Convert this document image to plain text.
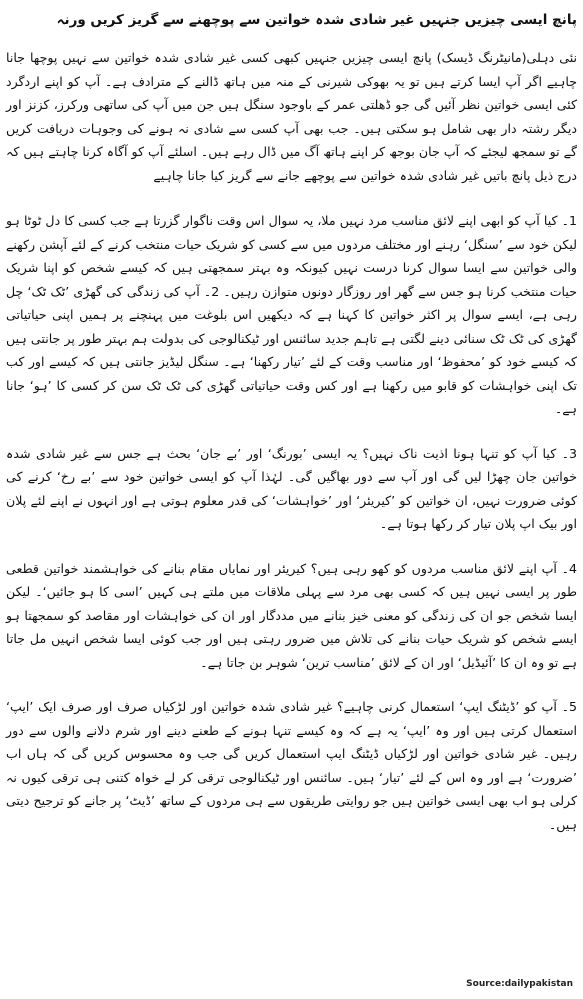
پانچ ایسی چیزیں جنہیں غیر شادی شدہ خواتین سے پوچھنے سے گریز کریں ورنہ

نئی دہلی(مانیٹرنگ ڈیسک) پانچ ایسی چیزیں جنہیں کبھی کسی غیر شادی شدہ خواتین سے نہیں پوچھا جانا چاہیے اگر آپ ایسا کرتے ہیں تو یہ بھوکی شیرنی کے منہ میں ہاتھ ڈالنے کے مترادف ہے۔ آپ کو اپنے اردگرد کئی ایسی خواتین نظر آئیں گی جو ڈھلتی عمر کے باوجود سنگل ہیں جن میں آپ کی ساتھی ورکرز، کزنز اور دیگر رشتہ دار بھی شامل ہو سکتی ہیں۔ جب بھی آپ کسی سے شادی نہ ہونے کی وجوہات دریافت کریں گے تو سمجھ لیجئے کہ آپ جان بوجھ کر اپنے ہاتھ آگ میں ڈال رہے ہیں۔ اسلئے آپ کو آگاہ کرنا چاہتے ہیں کہ درج ذیل پانچ باتیں غیر شادی شدہ خواتین سے پوچھے جانے سے گریز کیا جانا چاہیے

1۔ کیا آپ کو ابھی اپنے لائق مناسب مرد نہیں ملا، یہ سوال اس وقت ناگوار گزرتا ہے جب کسی کا دل ٹوٹا ہو لیکن خود سے ’سنگل‘ رہنے اور مختلف مردوں میں سے کسی کو شریک حیات منتخب کرنے کے لئے آپشن رکھنے والی خواتین سے ایسا سوال کرنا درست نہیں کیونکہ وہ بہتر سمجھتی ہیں کہ کیسے شخص کو اپنا شریک حیات منتخب کرنا ہو جس سے گھر اور روزگار دونوں متوازن رہیں۔ 2۔ آپ کی زندگی کی گھڑی ’ٹک ٹک‘ چل رہی ہے، ایسے سوال پر اکثر خواتین کا کہنا ہے کہ دیکھیں اس بلوغت میں پہنچنے پر ہمیں اپنی حیاتیاتی گھڑی کی ٹک ٹک سنائی دینے لگتی ہے تاہم جدید سائنس اور ٹیکنالوجی کی بدولت ہم بہتر طور پر جانتی ہیں کہ کیسے خود کو ’محفوظ‘ اور مناسب وقت کے لئے ’تیار رکھنا‘ ہے۔ سنگل لیڈیز جانتی ہیں کہ کیسے اور کب تک اپنی خواہشات کو قابو میں رکھنا ہے اور کس وقت حیاتیاتی گھڑی کی ٹک ٹک سن کر کسی کا ’ہو‘ جانا ہے۔

3۔ کیا آپ کو تنہا ہونا اذیت ناک نہیں؟ یہ ایسی ’بورنگ‘ اور ’بے جان‘ بحث ہے جس سے غیر شادی شدہ خواتین جان چھڑا لیں گی اور آپ سے دور بھاگیں گی۔ لہٰذا آپ کو ایسی خواتین خود سے ’بے رخ‘ کرنے کی کوئی ضرورت نہیں، ان خواتین کو ’کیریئر‘ اور ’خواہشات‘ کی قدر معلوم ہوتی ہے اور انہوں نے اپنے لئے پلان اور بیک اپ پلان تیار کر رکھا ہوتا ہے۔

4۔ آپ اپنے لائق مناسب مردوں کو کھو رہی ہیں؟ کیریئر اور نمایاں مقام بنانے کی خواہشمند خواتین قطعی طور پر ایسی نہیں ہیں کہ کسی بھی مرد سے پہلی ملاقات میں ملتے ہی کہیں ’اسی کا ہو جائیں‘۔ لیکن ایسا شخص جو ان کی زندگی کو معنی خیز بنانے میں مددگار اور ان کی خواہشات اور مقاصد کو سمجھتا ہو ایسے شخص کو شریک حیات بنانے کی تلاش میں ضرور رہتی ہیں اور جب کوئی ایسا شخص انہیں مل جاتا ہے تو وہ ان کا ’آئیڈیل‘ اور ان کے لائق ’مناسب ترین‘ شوہر بن جاتا ہے۔

5۔ آپ کو ’ڈیٹنگ ایپ‘ استعمال کرنی چاہیے؟ غیر شادی شدہ خواتین اور لڑکیاں صرف اور صرف ایک ’ایپ‘ استعمال کرتی ہیں اور وہ ’ایپ‘ یہ ہے کہ وہ کیسے تنہا ہونے کے طعنے دینے اور شرم دلانے والوں سے دور رہیں۔ غیر شادی خواتین اور لڑکیاں ڈیٹنگ ایپ استعمال کریں گی جب وہ محسوس کریں گی کہ ہاں اب ’ضرورت‘ ہے اور وہ اس کے لئے ’تیار‘ ہیں۔ سائنس اور ٹیکنالوجی ترقی کر لے خواہ کتنی ہی ترقی کیوں نہ کرلی ہو اب بھی ایسی خواتین ہیں جو روایتی طریقوں سے ہی مردوں کے ساتھ ’ڈیٹ‘ پر جانے کو ترجیح دیتی ہیں۔

Source:dailypakistan
